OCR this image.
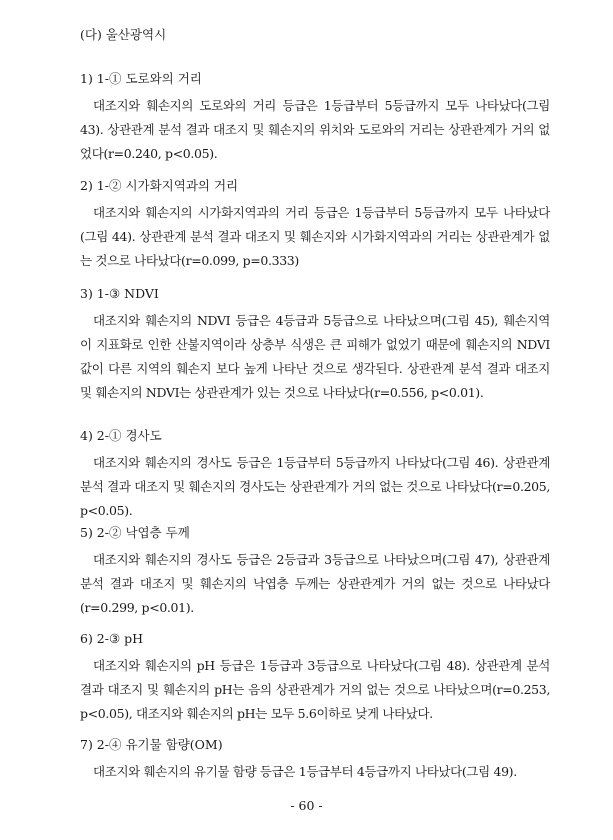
(다) 울산광역시
1) 1-① 도로와의 거리
대조지와 훼손지의 도로와의 거리 등급은 1등급부터 5등급까지 모두 나타났다(그림 43). 상관관계 분석 결과 대조지 및 훼손지의 위치와 도로와의 거리는 상관관계가 거의 없었다(r=0.240, p<0.05).
2) 1-② 시가화지역과의 거리
대조지와 훼손지의 시가화지역과의 거리 등급은 1등급부터 5등급까지 모두 나타났다(그림 44). 상관관계 분석 결과 대조지 및 훼손지와 시가화지역과의 거리는 상관관계가 없는 것으로 나타났다(r=0.099, p=0.333)
3) 1-③ NDVI
대조지와 훼손지의 NDVI 등급은 4등급과 5등급으로 나타났으며(그림 45), 훼손지역이 지표화로 인한 산불지역이라 상층부 식생은 큰 피해가 없었기 때문에 훼손지의 NDVI 값이 다른 지역의 훼손지 보다 높게 나타난 것으로 생각된다. 상관관계 분석 결과 대조지 및 훼손지의 NDVI는 상관관계가 있는 것으로 나타났다(r=0.556, p<0.01).
4) 2-① 경사도
대조지와 훼손지의 경사도 등급은 1등급부터 5등급까지 나타났다(그림 46). 상관관계 분석 결과 대조지 및 훼손지의 경사도는 상관관계가 거의 없는 것으로 나타났다(r=0.205, p<0.05).
5) 2-② 낙엽층 두께
대조지와 훼손지의 경사도 등급은 2등급과 3등급으로 나타났으며(그림 47), 상관관계 분석 결과 대조지 및 훼손지의 낙엽층 두께는 상관관계가 거의 없는 것으로 나타났다(r=0.299, p<0.01).
6) 2-③ pH
대조지와 훼손지의 pH 등급은 1등급과 3등급으로 나타났다(그림 48). 상관관계 분석 결과 대조지 및 훼손지의 pH는 음의 상관관계가 거의 없는 것으로 나타났으며(r=0.253, p<0.05), 대조지와 훼손지의 pH는 모두 5.6이하로 낮게 나타났다.
7) 2-④ 유기물 함량(OM)
대조지와 훼손지의 유기물 함량 등급은 1등급부터 4등급까지 나타났다(그림 49).
- 60 -
